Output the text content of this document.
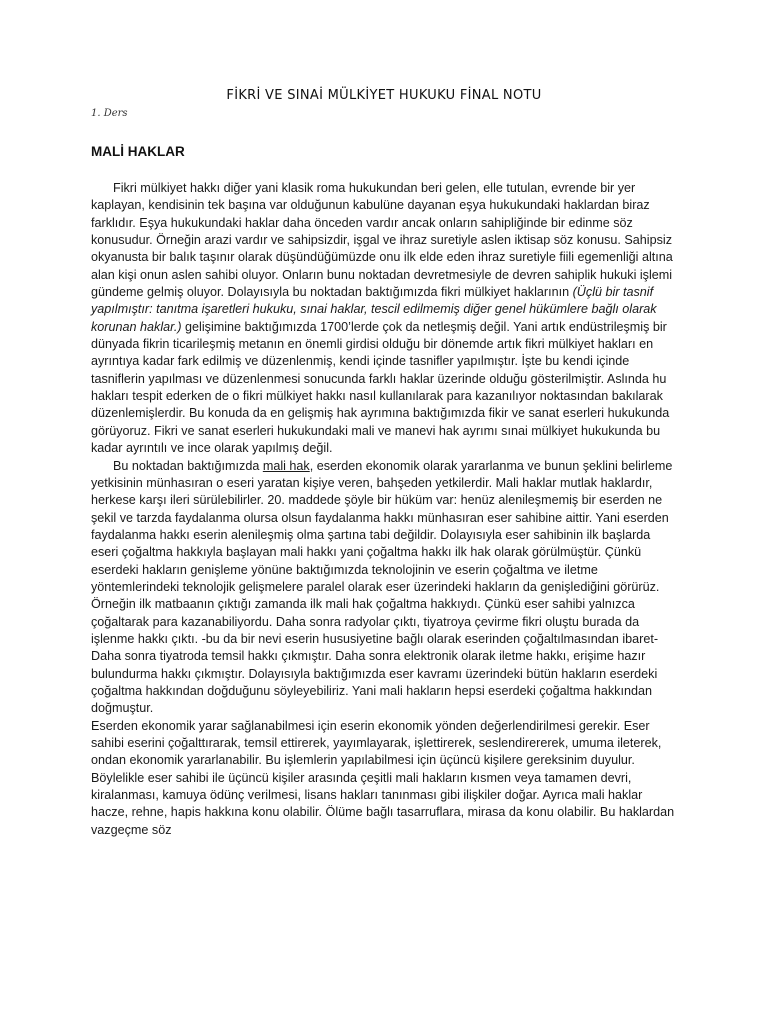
FİKRİ VE SINAİ MÜLKİYET HUKUKU FİNAL NOTU
1. Ders
MALİ HAKLAR

Fikri mülkiyet hakkı diğer yani klasik roma hukukundan beri gelen, elle tutulan, evrende bir yer kaplayan, kendisinin tek başına var olduğunun kabulüne dayanan eşya hukukundaki haklardan biraz farklıdır. Eşya hukukundaki haklar daha önceden vardır ancak onların sahipliğinde bir edinme söz konusudur. Örneğin arazi vardır ve sahipsizdir, işgal ve ihraz suretiyle aslen iktisap söz konusu. Sahipsiz okyanusta bir balık taşınır olarak düşündüğümüzde onu ilk elde eden ihraz suretiyle fiili egemenliği altına alan kişi onun aslen sahibi oluyor. Onların bunu noktadan devretmesiyle de devren sahiplik hukuki işlemi gündeme gelmiş oluyor. Dolayısıyla bu noktadan baktığımızda fikri mülkiyet haklarının (Üçlü bir tasnif yapılmıştır: tanıtma işaretleri hukuku, sınai haklar, tescil edilmemiş diğer genel hükümlere bağlı olarak korunan haklar.) gelişimine baktığımızda 1700’lerde çok da netleşmiş değil. Yani artık endüstrileşmiş bir dünyada fikrin ticarileşmiş metanın en önemli girdisi olduğu bir dönemde artık fikri mülkiyet hakları en ayrıntıya kadar fark edilmiş ve düzenlenmiş, kendi içinde tasnifler yapılmıştır. İşte bu kendi içinde tasniflerin yapılması ve düzenlenmesi sonucunda farklı haklar üzerinde olduğu gösterilmiştir. Aslında hu hakları tespit ederken de o fikri mülkiyet hakkı nasıl kullanılarak para kazanılıyor noktasından bakılarak düzenlemişlerdir. Bu konuda da en gelişmiş hak ayrımına baktığımızda fikir ve sanat eserleri hukukunda görüyoruz. Fikri ve sanat eserleri hukukundaki mali ve manevi hak ayrımı sınai mülkiyet hukukunda bu kadar ayrıntılı ve ince olarak yapılmış değil.

Bu noktadan baktığımızda mali hak, eserden ekonomik olarak yararlanma ve bunun şeklini belirleme yetkisinin münhasıran o eseri yaratan kişiye veren, bahşeden yetkilerdir. Mali haklar mutlak haklardır, herkese karşı ileri sürülebilirler. 20. maddede şöyle bir hüküm var: henüz alenileşmemiş bir eserden ne şekil ve tarzda faydalanma olursa olsun faydalanma hakkı münhasıran eser sahibine aittir. Yani eserden faydalanma hakkı eserin alenileşmiş olma şartına tabi değildir. Dolayısıyla eser sahibinin ilk başlarda eseri çoğaltma hakkıyla başlayan mali hakkı yani çoğaltma hakkı ilk hak olarak görülmüştür. Çünkü eserdeki hakların genişleme yönüne baktığımızda teknolojinin ve eserin çoğaltma ve iletme yöntemlerindeki teknolojik gelişmelere paralel olarak eser üzerindeki hakların da genişlediğini görürüz. Örneğin ilk matbaanın çıktığı zamanda ilk mali hak çoğaltma hakkıydı. Çünkü eser sahibi yalnızca çoğaltarak para kazanabiliyordu. Daha sonra radyolar çıktı, tiyatroya çevirme fikri oluştu burada da işlenme hakkı çıktı. -bu da bir nevi eserin hususiyetine bağlı olarak eserinden çoğaltılmasından ibaret- Daha sonra tiyatroda temsil hakkı çıkmıştır. Daha sonra elektronik olarak iletme hakkı, erişime hazır bulundurma hakkı çıkmıştır. Dolayısıyla baktığımızda eser kavramı üzerindeki bütün hakların eserdeki çoğaltma hakkından doğduğunu söyleyebiliriz. Yani mali hakların hepsi eserdeki çoğaltma hakkından doğmuştur.

Eserden ekonomik yarar sağlanabilmesi için eserin ekonomik yönden değerlendirilmesi gerekir. Eser sahibi eserini çoğalttırarak, temsil ettirerek, yayımlayarak, işlettirerek, seslendirererek, umuma ileterek, ondan ekonomik yararlanabilir. Bu işlemlerin yapılabilmesi için üçüncü kişilere gereksinim duyulur. Böylelikle eser sahibi ile üçüncü kişiler arasında çeşitli mali hakların kısmen veya tamamen devri, kiralanması, kamuya ödünç verilmesi, lisans hakları tanınması gibi ilişkiler doğar. Ayrıca mali haklar hacze, rehne, hapis hakkına konu olabilir. Ölüme bağlı tasarruflara, mirasa da konu olabilir. Bu haklardan vazgeçme söz
